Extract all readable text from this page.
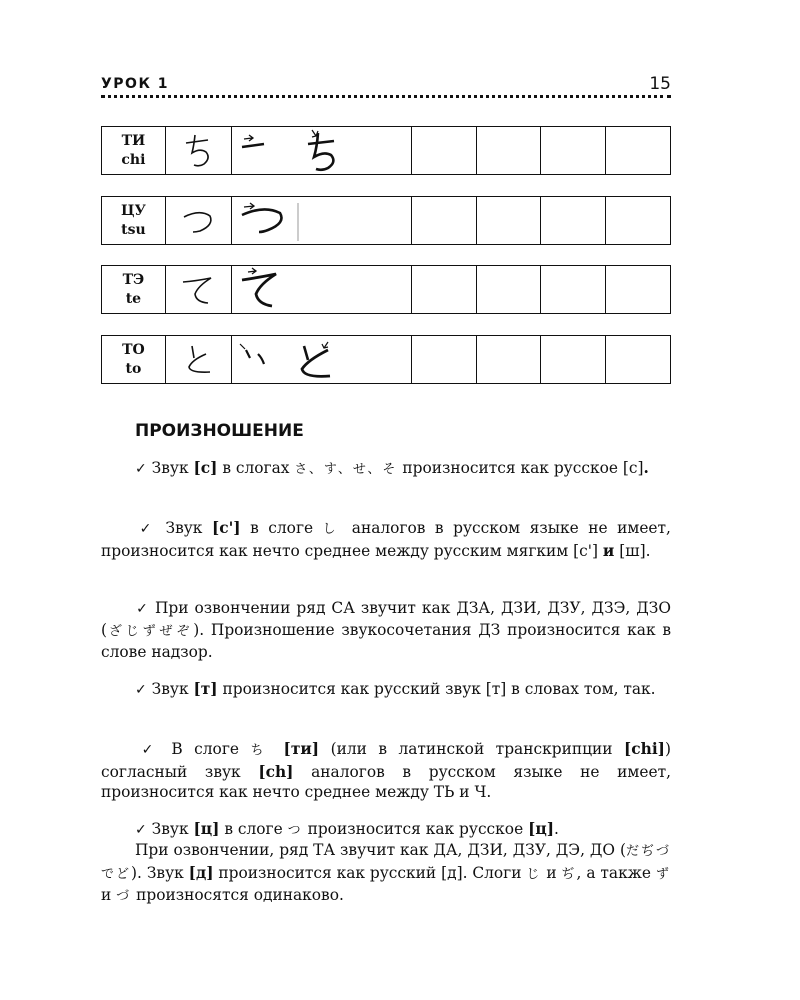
УРОК 1	15
ТИ
chi
ЦУ
tsu
ТЭ
te
ТО
to
ПРОИЗНОШЕНИЕ
✓ Звук [с] в слогах さ、す、せ、そ произносится как русское [с].
✓ Звук [с'] в слоге し аналогов в русском языке не имеет, произносится как нечто среднее между русским мягким [с'] и [ш].
✓ При озвончении ряд СА звучит как ДЗА, ДЗИ, ДЗУ, ДЗЭ, ДЗО (ざじずぜぞ). Произношение звукосочетания ДЗ произносится как в слове надзор.
✓ Звук [т] произносится как русский звук [т] в словах том, так.
✓ В слоге ち [ти] (или в латинской транскрипции [chi]) согласный звук [ch] аналогов в русском языке не имеет, произносится как нечто среднее между ТЬ и Ч.
✓ Звук [ц] в слоге つ произносится как русское [ц].
При озвончении, ряд ТА звучит как ДА, ДЗИ, ДЗУ, ДЭ, ДО (だぢづでど). Звук [д] произносится как русский [д]. Слоги じ и ぢ, а также ず и づ произносятся одинаково.
